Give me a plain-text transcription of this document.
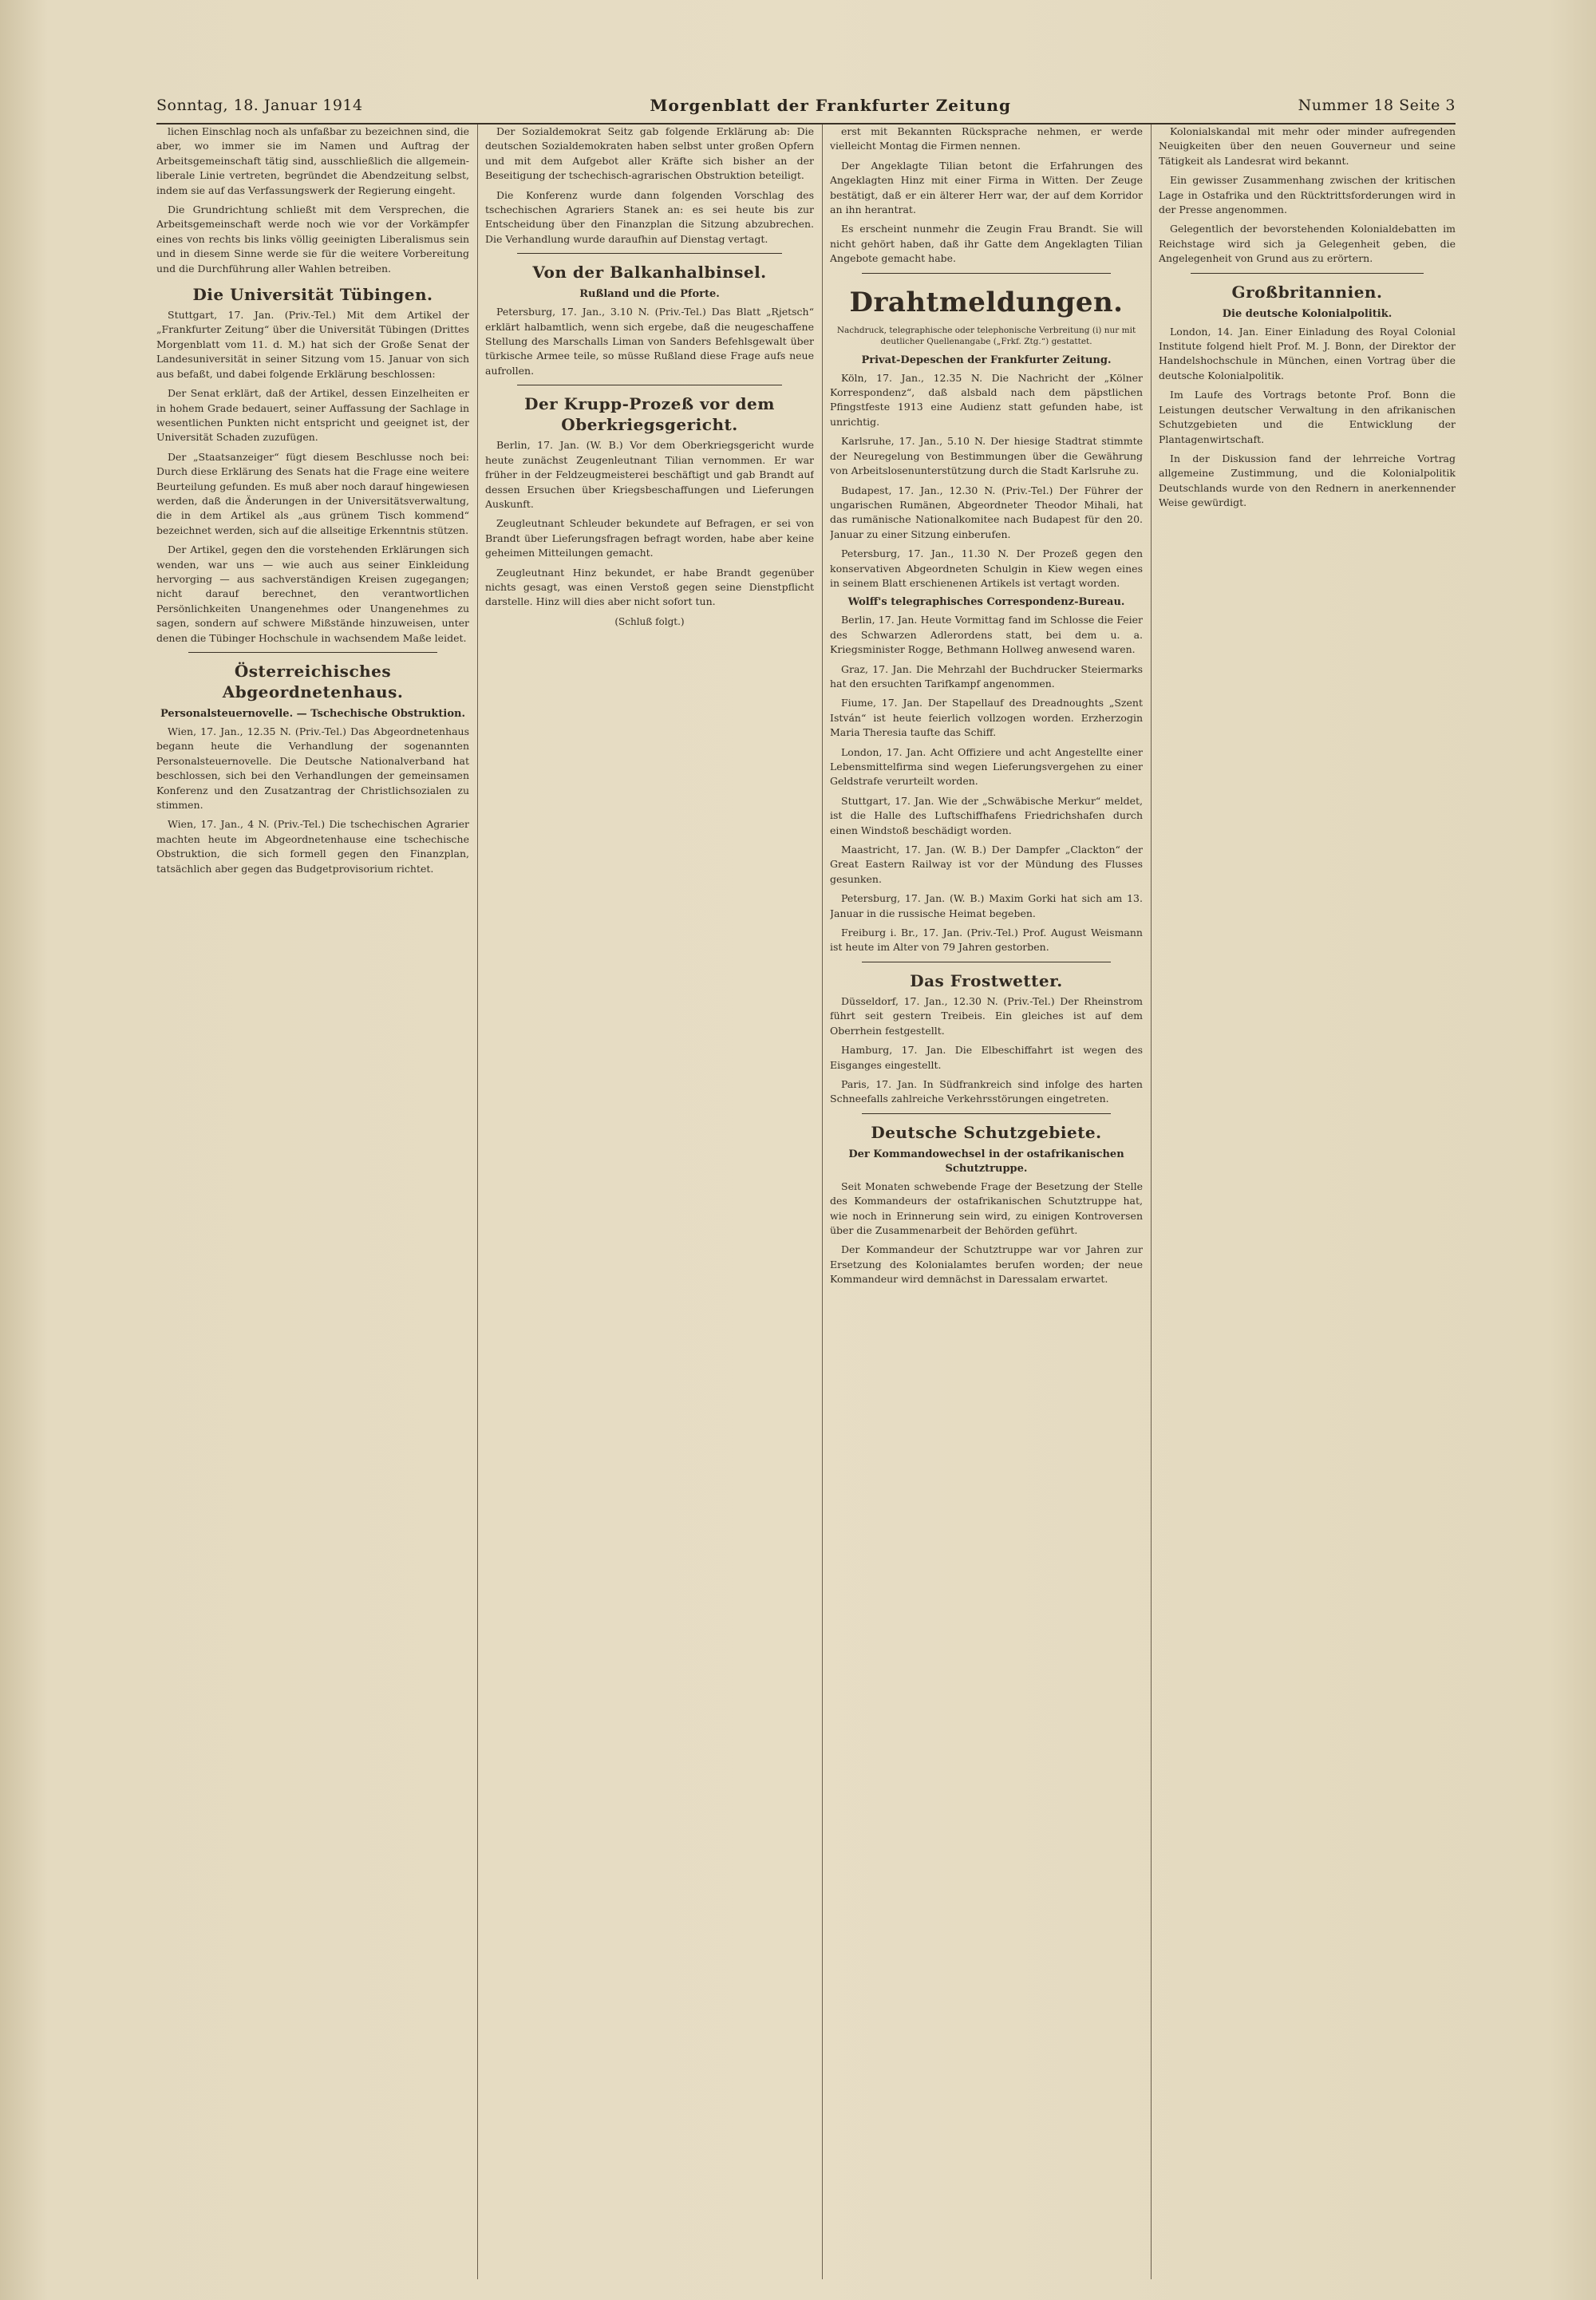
Sonntag, 18. Januar 1914	Morgenblatt der Frankfurter Zeitung	Nummer 18 Seite 3

lichen Einschlag noch als unfaßbar zu bezeichnen sind, die aber, wo immer sie im Namen und Auftrag der Arbeitsgemeinschaft tätig sind, ausschließlich die allgemein-liberale Linie vertreten, begründet die Abendzeitung selbst, indem sie auf das Verfassungswerk der Regierung eingeht.

Die Grundrichtung schließt mit dem Versprechen, die Arbeitsgemeinschaft werde noch wie vor der Vorkämpfer eines von rechts bis links völlig geeinigten Liberalismus sein und in diesem Sinne werde sie für die weitere Vorbereitung und die Durchführung aller Wahlen betreiben.

Die Universität Tübingen.

Stuttgart, 17. Jan. (Priv.-Tel.) Mit dem Artikel der „Frankfurter Zeitung“ über die Universität Tübingen (Drittes Morgenblatt vom 11. d. M.) hat sich der Große Senat der Landesuniversität in seiner Sitzung vom 15. Januar von sich aus befaßt, und dabei folgende Erklärung beschlossen:

Der Senat erklärt, daß der Artikel, dessen Einzelheiten er in hohem Grade bedauert, seiner Auffassung der Sachlage in wesentlichen Punkten nicht entspricht und geeignet ist, der Universität Schaden zuzufügen.

Der „Staatsanzeiger“ fügt diesem Beschlusse noch bei: Durch diese Erklärung des Senats hat die Frage eine weitere Beurteilung gefunden. Es muß aber noch darauf hingewiesen werden, daß die Änderungen in der Universitätsverwaltung, die in dem Artikel als „aus grünem Tisch kommend“ bezeichnet werden, sich auf die allseitige Erkenntnis stützen.

Der Artikel, gegen den die vorstehenden Erklärungen sich wenden, war uns — wie auch aus seiner Einkleidung hervorging — aus sachverständigen Kreisen zugegangen; nicht darauf berechnet, den verantwortlichen Persönlichkeiten Unangenehmes oder Unangenehmes zu sagen, sondern auf schwere Mißstände hinzuweisen, unter denen die Tübinger Hochschule in wachsendem Maße leidet.

Österreichisches Abgeordnetenhaus.
Personalsteuernovelle. — Tschechische Obstruktion.

Wien, 17. Jan., 12.35 N. (Priv.-Tel.) Das Abgeordnetenhaus begann heute die Verhandlung der sogenannten Personalsteuernovelle. Die Deutsche Nationalverband hat beschlossen, sich bei den Verhandlungen der gemeinsamen Konferenz und den Zusatzantrag der Christlichsozialen zu stimmen.

Wien, 17. Jan., 4 N. (Priv.-Tel.) Die tschechischen Agrarier machten heute im Abgeordnetenhause eine tschechische Obstruktion, die sich formell gegen den Finanzplan, tatsächlich aber gegen das Budgetprovisorium richtet.

Der Sozialdemokrat Seitz gab folgende Erklärung ab: Die deutschen Sozialdemokraten haben selbst unter großen Opfern und mit dem Aufgebot aller Kräfte sich bisher an der Beseitigung der tschechisch-agrarischen Obstruktion beteiligt.

Die Konferenz wurde dann folgenden Vorschlag des tschechischen Agrariers Stanek an: es sei heute bis zur Entscheidung über den Finanzplan die Sitzung abzubrechen. Die Verhandlung wurde daraufhin auf Dienstag vertagt.

Von der Balkanhalbinsel.
Rußland und die Pforte.

Petersburg, 17. Jan., 3.10 N. (Priv.-Tel.) Das Blatt „Rjetsch“ erklärt halbamtlich, wenn sich ergebe, daß die neugeschaffene Stellung des Marschalls Liman von Sanders Befehlsgewalt über türkische Armee teile, so müsse Rußland diese Frage aufs neue aufrollen.

Der Krupp-Prozeß vor dem Oberkriegsgericht.

Berlin, 17. Jan. (W. B.) Vor dem Oberkriegsgericht wurde heute zunächst Zeugenleutnant Tilian vernommen. Er war früher in der Feldzeugmeisterei beschäftigt und gab Brandt auf dessen Ersuchen über Kriegsbeschaffungen und Lieferungen Auskunft.

Zeugleutnant Schleuder bekundete auf Befragen, er sei von Brandt über Lieferungsfragen befragt worden, habe aber keine geheimen Mitteilungen gemacht.

Zeugleutnant Hinz bekundet, er habe Brandt gegenüber nichts gesagt, was einen Verstoß gegen seine Dienstpflicht darstelle. Hinz will dies aber nicht sofort tun.

(Schluß folgt.)

erst mit Bekannten Rücksprache nehmen, er werde vielleicht Montag die Firmen nennen.

Der Angeklagte Tilian betont die Erfahrungen des Angeklagten Hinz mit einer Firma in Witten. Der Zeuge bestätigt, daß er ein älterer Herr war, der auf dem Korridor an ihn herantrat.

Es erscheint nunmehr die Zeugin Frau Brandt. Sie will nicht gehört haben, daß ihr Gatte dem Angeklagten Tilian Angebote gemacht habe.

Drahtmeldungen.
Nachdruck, telegraphische oder telephonische Verbreitung (i) nur mit deutlicher Quellenangabe („Frkf. Ztg.“) gestattet.
Privat-Depeschen der Frankfurter Zeitung.

Köln, 17. Jan., 12.35 N. Die Nachricht der „Kölner Korrespondenz“, daß alsbald nach dem päpstlichen Pfingstfeste 1913 eine Audienz statt gefunden habe, ist unrichtig.

Karlsruhe, 17. Jan., 5.10 N. Der hiesige Stadtrat stimmte der Neuregelung von Bestimmungen über die Gewährung von Arbeitslosenunterstützung durch die Stadt Karlsruhe zu.

Budapest, 17. Jan., 12.30 N. (Priv.-Tel.) Der Führer der ungarischen Rumänen, Abgeordneter Theodor Mihali, hat das rumänische Nationalkomitee nach Budapest für den 20. Januar zu einer Sitzung einberufen.

Petersburg, 17. Jan., 11.30 N. Der Prozeß gegen den konservativen Abgeordneten Schulgin in Kiew wegen eines in seinem Blatt erschienenen Artikels ist vertagt worden.

Wolff's telegraphisches Correspondenz-Bureau.

Berlin, 17. Jan. Heute Vormittag fand im Schlosse die Feier des Schwarzen Adlerordens statt, bei dem u. a. Kriegsminister Rogge, Bethmann Hollweg anwesend waren.

Graz, 17. Jan. Die Mehrzahl der Buchdrucker Steiermarks hat den ersuchten Tarifkampf angenommen.

Fiume, 17. Jan. Der Stapellauf des Dreadnoughts „Szent István“ ist heute feierlich vollzogen worden. Erzherzogin Maria Theresia taufte das Schiff.

London, 17. Jan. Acht Offiziere und acht Angestellte einer Lebensmittelfirma sind wegen Lieferungsvergehen zu einer Geldstrafe verurteilt worden.

Stuttgart, 17. Jan. Wie der „Schwäbische Merkur“ meldet, ist die Halle des Luftschiffhafens Friedrichshafen durch einen Windstoß beschädigt worden.

Maastricht, 17. Jan. (W. B.) Der Dampfer „Clackton“ der Great Eastern Railway ist vor der Mündung des Flusses gesunken.

Petersburg, 17. Jan. (W. B.) Maxim Gorki hat sich am 13. Januar in die russische Heimat begeben.

Freiburg i. Br., 17. Jan. (Priv.-Tel.) Prof. August Weismann ist heute im Alter von 79 Jahren gestorben.

Das Frostwetter.

Düsseldorf, 17. Jan., 12.30 N. (Priv.-Tel.) Der Rheinstrom führt seit gestern Treibeis. Ein gleiches ist auf dem Oberrhein festgestellt.

Hamburg, 17. Jan. Die Elbeschiffahrt ist wegen des Eisganges eingestellt.

Paris, 17. Jan. In Südfrankreich sind infolge des harten Schneefalls zahlreiche Verkehrsstörungen eingetreten.

Deutsche Schutzgebiete.
Der Kommandowechsel in der ostafrikanischen Schutztruppe.

Seit Monaten schwebende Frage der Besetzung der Stelle des Kommandeurs der ostafrikanischen Schutztruppe hat, wie noch in Erinnerung sein wird, zu einigen Kontroversen über die Zusammenarbeit der Behörden geführt.

Der Kommandeur der Schutztruppe war vor Jahren zur Ersetzung des Kolonialamtes berufen worden; der neue Kommandeur wird demnächst in Daressalam erwartet.

Kolonialskandal mit mehr oder minder aufregenden Neuigkeiten über den neuen Gouverneur und seine Tätigkeit als Landesrat wird bekannt.

Ein gewisser Zusammenhang zwischen der kritischen Lage in Ostafrika und den Rücktrittsforderungen wird in der Presse angenommen.

Gelegentlich der bevorstehenden Kolonialdebatten im Reichstage wird sich ja Gelegenheit geben, die Angelegenheit von Grund aus zu erörtern.

Großbritannien.
Die deutsche Kolonialpolitik.

London, 14. Jan. Einer Einladung des Royal Colonial Institute folgend hielt Prof. M. J. Bonn, der Direktor der Handelshochschule in München, einen Vortrag über die deutsche Kolonialpolitik.

Im Laufe des Vortrags betonte Prof. Bonn die Leistungen deutscher Verwaltung in den afrikanischen Schutzgebieten und die Entwicklung der Plantagenwirtschaft.

In der Diskussion fand der lehrreiche Vortrag allgemeine Zustimmung, und die Kolonialpolitik Deutschlands wurde von den Rednern in anerkennender Weise gewürdigt.
